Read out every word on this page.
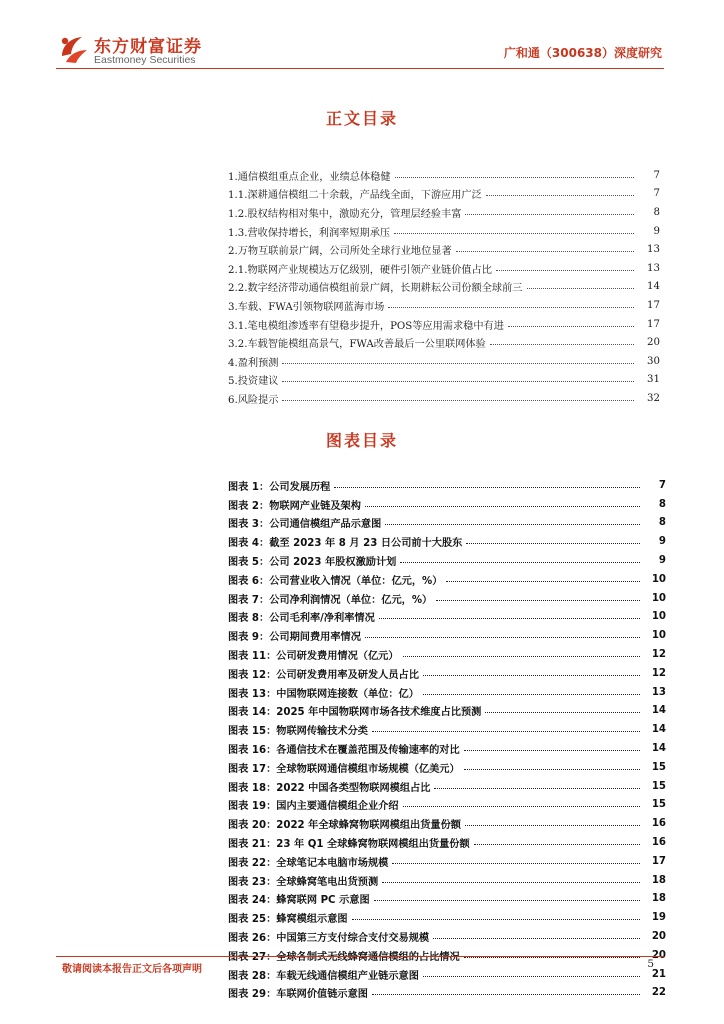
东方财富证券
Eastmoney Securities	广和通（300638）深度研究
正文目录
1.通信模组重点企业，业绩总体稳健	7
1.1.深耕通信模组二十余载，产品线全面，下游应用广泛	7
1.2.股权结构相对集中，激励充分，管理层经验丰富	8
1.3.营收保持增长，利润率短期承压	9
2.万物互联前景广阔，公司所处全球行业地位显著	13
2.1.物联网产业规模达万亿级别，硬件引领产业链价值占比	13
2.2.数字经济带动通信模组前景广阔，长期耕耘公司份额全球前三	14
3.车载、FWA引领物联网蓝海市场	17
3.1.笔电模组渗透率有望稳步提升，POS等应用需求稳中有进	17
3.2.车载智能模组高景气，FWA改善最后一公里联网体验	20
4.盈利预测	30
5.投资建议	31
6.风险提示	32
图表目录
图表 1：公司发展历程	7
图表 2：物联网产业链及架构	8
图表 3：公司通信模组产品示意图	8
图表 4：截至 2023 年 8 月 23 日公司前十大股东	9
图表 5：公司 2023 年股权激励计划	9
图表 6：公司营业收入情况（单位：亿元，%）	10
图表 7：公司净利润情况（单位：亿元，%）	10
图表 8：公司毛利率/净利率情况	10
图表 9：公司期间费用率情况	10
图表 11：公司研发费用情况（亿元）	12
图表 12：公司研发费用率及研发人员占比	12
图表 13：中国物联网连接数（单位：亿）	13
图表 14：2025 年中国物联网市场各技术维度占比预测	14
图表 15：物联网传输技术分类	14
图表 16：各通信技术在覆盖范围及传输速率的对比	14
图表 17：全球物联网通信模组市场规模（亿美元）	15
图表 18：2022 中国各类型物联网模组占比	15
图表 19：国内主要通信模组企业介绍	15
图表 20：2022 年全球蜂窝物联网模组出货量份额	16
图表 21：23 年 Q1 全球蜂窝物联网模组出货量份额	16
图表 22：全球笔记本电脑市场规模	17
图表 23：全球蜂窝笔电出货预测	18
图表 24：蜂窝联网 PC 示意图	18
图表 25：蜂窝模组示意图	19
图表 26：中国第三方支付综合支付交易规模	20
图表 27：全球各制式无线蜂窝通信模组的占比情况	20
图表 28：车载无线通信模组产业链示意图	21
图表 29：车联网价值链示意图	22
敬请阅读本报告正文后各项声明	5
